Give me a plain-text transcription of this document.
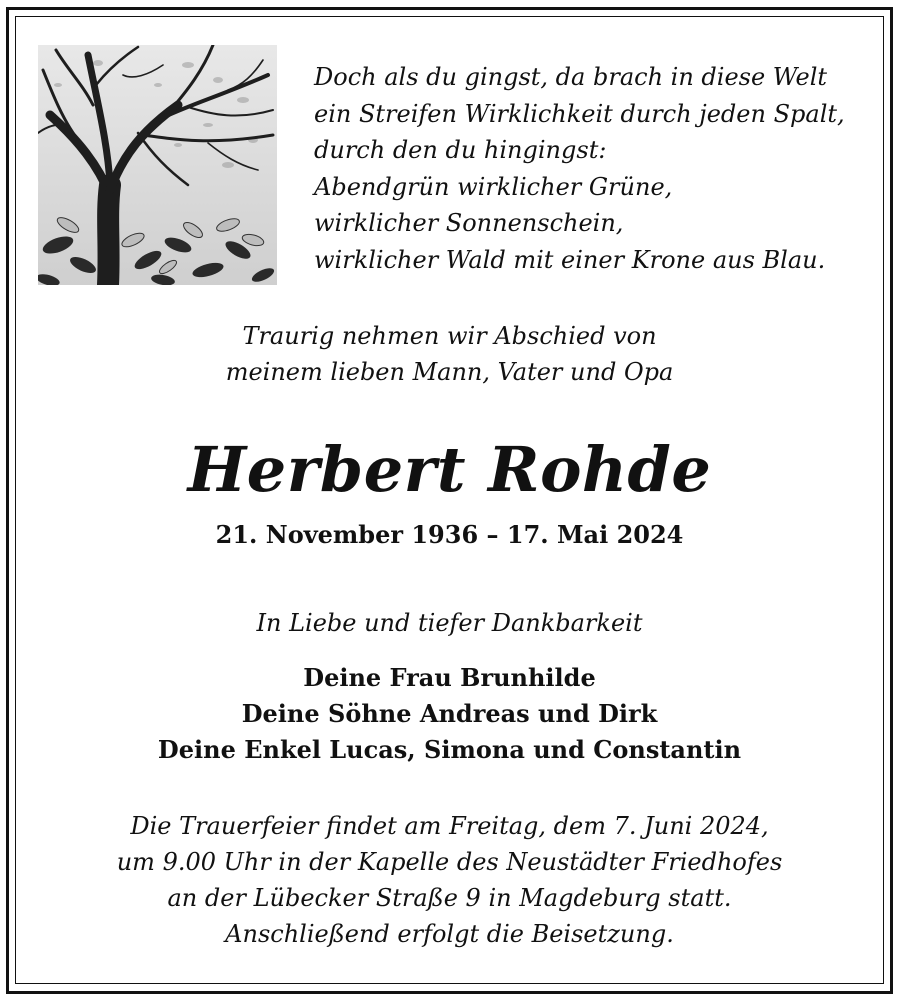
Doch als du gingst, da brach in diese Welt
ein Streifen Wirklichkeit durch jeden Spalt,
durch den du hingingst:
Abendgrün wirklicher Grüne,
wirklicher Sonnenschein,
wirklicher Wald mit einer Krone aus Blau.
Traurig nehmen wir Abschied von
meinem lieben Mann, Vater und Opa
Herbert Rohde
21. November 1936 – 17. Mai 2024
In Liebe und tiefer Dankbarkeit
Deine Frau Brunhilde
Deine Söhne Andreas und Dirk
Deine Enkel Lucas, Simona und Constantin
Die Trauerfeier findet am Freitag, dem 7. Juni 2024,
um 9.00 Uhr in der Kapelle des Neustädter Friedhofes
an der Lübecker Straße 9 in Magdeburg statt.
Anschließend erfolgt die Beisetzung.
